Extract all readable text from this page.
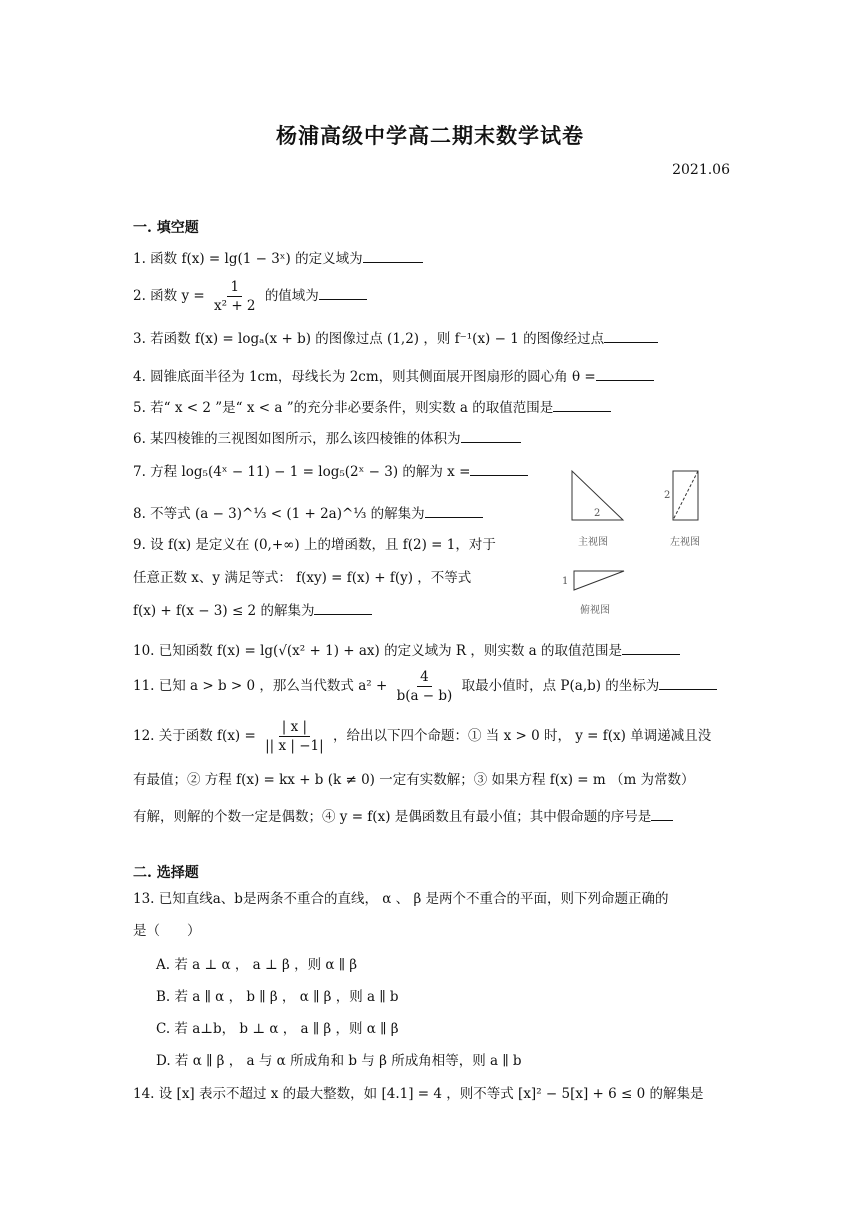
杨浦高级中学高二期末数学试卷
2021.06
一. 填空题
1. 函数 f(x) = lg(1 − 3ˣ) 的定义域为
2. 函数 $y = \frac{1}{\text{x² + 2}}$ 的值域为
3. 若函数 f(x) = logₐ(x + b) 的图像过点 (1,2) ，则 f⁻¹(x) − 1 的图像经过点
4. 圆锥底面半径为 1cm，母线长为 2cm，则其侧面展开图扇形的圆心角 θ =
5. 若“ x < 2 ”是“ x < a ”的充分非必要条件，则实数 a 的取值范围是
6. 某四棱锥的三视图如图所示，那么该四棱锥的体积为
7. 方程 log₅(4ˣ − 11) − 1 = log₅(2ˣ − 3) 的解为 x =
8. 不等式 (a − 3)^⅓ < (1 + 2a)^⅓ 的解集为
9. 设 f(x) 是定义在 (0,+∞) 上的增函数，且 f(2) = 1，对于
任意正数 x、y 满足等式： f(xy) = f(x) + f(y) ，不等式
f(x) + f(x − 3) ≤ 2 的解集为
2
主视图
2
左视图
1
俯视图
10. 已知函数 f(x) = lg(√(x² + 1) + ax) 的定义域为 R ，则实数 a 的取值范围是
11. 已知 a > b > 0 ，那么当代数式 $a^2 + \frac{4}{b(a - b)}$ 取最小值时，点 P(a,b) 的坐标为
12. 关于函数 $f(x) = \frac{| x |}{|| x | -1|}$ ，给出以下四个命题：① 当 x > 0 时， y = f(x) 单调递减且没
有最值；② 方程 f(x) = kx + b (k ≠ 0) 一定有实数解；③ 如果方程 f(x) = m （m 为常数）
有解，则解的个数一定是偶数；④ y = f(x) 是偶函数且有最小值；其中假命题的序号是
二. 选择题
13. 已知直线a、b是两条不重合的直线， α 、 β 是两个不重合的平面，则下列命题正确的
是（　　）
A. 若 a ⊥ α ， a ⊥ β ，则 α ∥ β
B. 若 a ∥ α ， b ∥ β ， α ∥ β ，则 a ∥ b
C. 若 a⊥b， b ⊥ α ， a ∥ β ，则 α ∥ β
D. 若 α ∥ β ， a 与 α 所成角和 b 与 β 所成角相等，则 a ∥ b
14. 设 [x] 表示不超过 x 的最大整数，如 [4.1] = 4 ，则不等式 [x]² − 5[x] + 6 ≤ 0 的解集是
